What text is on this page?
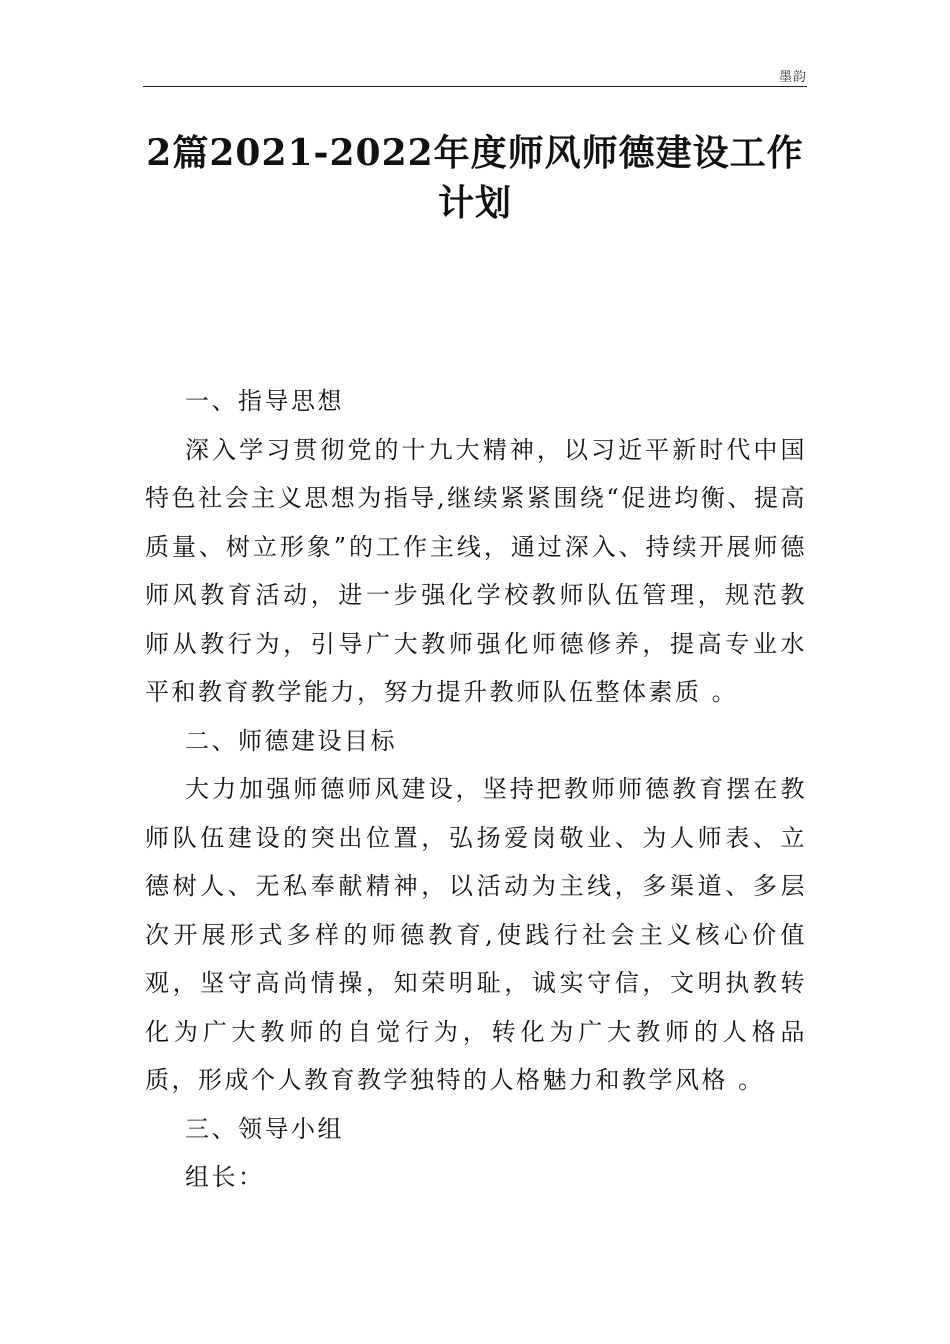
墨韵
2篇2021-2022年度师风师德建设工作
计划

一、指导思想

深入学习贯彻党的十九大精神，以习近平新时代中国特色社会主义思想为指导,继续紧紧围绕“促进均衡、提高质量、树立形象”的工作主线，通过深入、持续开展师德师风教育活动，进一步强化学校教师队伍管理，规范教师从教行为，引导广大教师强化师德修养，提高专业水平和教育教学能力，努力提升教师队伍整体素质 。

二、师德建设目标

大力加强师德师风建设，坚持把教师师德教育摆在教师队伍建设的突出位置，弘扬爱岗敬业、为人师表、立德树人、无私奉献精神，以活动为主线，多渠道、多层次开展形式多样的师德教育,使践行社会主义核心价值观，坚守高尚情操，知荣明耻，诚实守信，文明执教转化为广大教师的自觉行为，转化为广大教师的人格品质，形成个人教育教学独特的人格魅力和教学风格 。

三、领导小组

组长：
